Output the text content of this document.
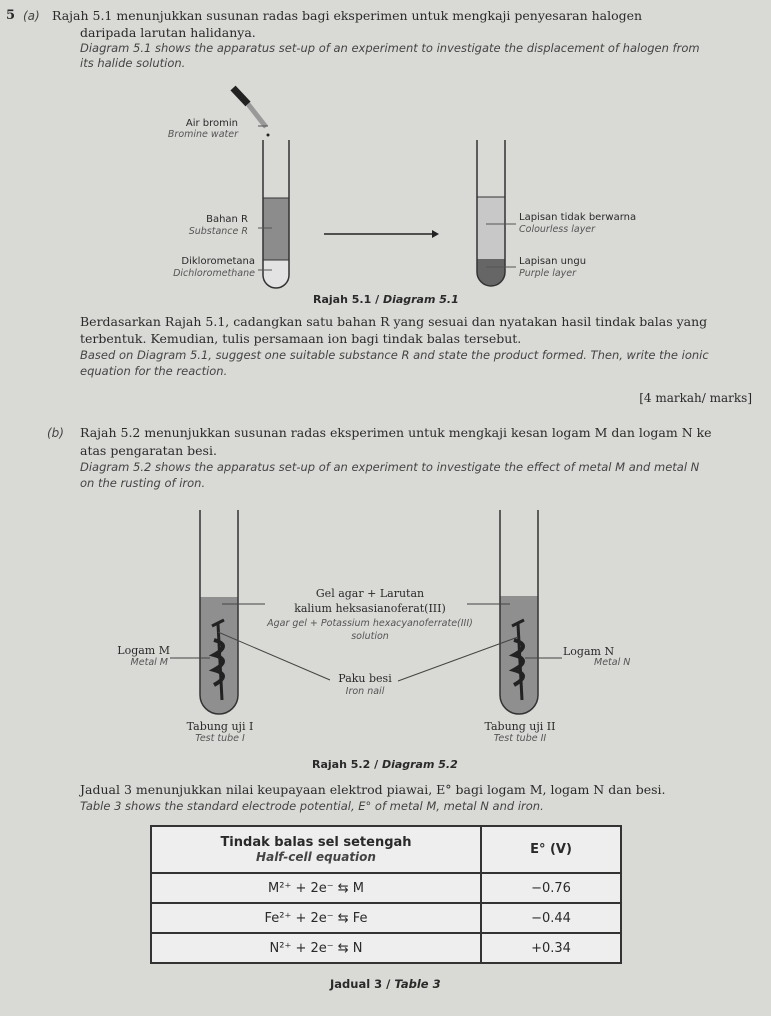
5 (a) Rajah 5.1 menunjukkan susunan radas bagi eksperimen untuk mengkaji penyesaran halogen
daripada larutan halidanya.
Diagram 5.1 shows the apparatus set-up of an experiment to investigate the displacement of halogen from
its halide solution.
Air bromin
Bromine water
Bahan R
Substance R
Diklorometana
Dichloromethane
Lapisan tidak berwarna
Colourless layer
Lapisan ungu
Purple layer
Rajah 5.1 / Diagram 5.1
Berdasarkan Rajah 5.1, cadangkan satu bahan R yang sesuai dan nyatakan hasil tindak balas yang
terbentuk. Kemudian, tulis persamaan ion bagi tindak balas tersebut.
Based on Diagram 5.1, suggest one suitable substance R and state the product formed. Then, write the ionic
equation for the reaction.
[4 markah/ marks]
(b) Rajah 5.2 menunjukkan susunan radas eksperimen untuk mengkaji kesan logam M dan logam N ke
atas pengaratan besi.
Diagram 5.2 shows the apparatus set-up of an experiment to investigate the effect of metal M and metal N
on the rusting of iron.
Gel agar + Larutan
kalium heksasianoferat(III)
Agar gel + Potassium hexacyanoferrate(III)
solution
Logam M
Metal M
Logam N
Metal N
Paku besi
Iron nail
Tabung uji I
Test tube I
Tabung uji II
Test tube II
Rajah 5.2 / Diagram 5.2
Jadual 3 menunjukkan nilai keupayaan elektrod piawai, E° bagi logam M, logam N dan besi.
Table 3 shows the standard electrode potential, E° of metal M, metal N and iron.
Tindak balas sel setengah
Half-cell equation	E° (V)
M²⁺ + 2e⁻ ⇆ M	−0.76
Fe²⁺ + 2e⁻ ⇆ Fe	−0.44
N²⁺ + 2e⁻ ⇆ N	+0.34
Jadual 3 / Table 3
